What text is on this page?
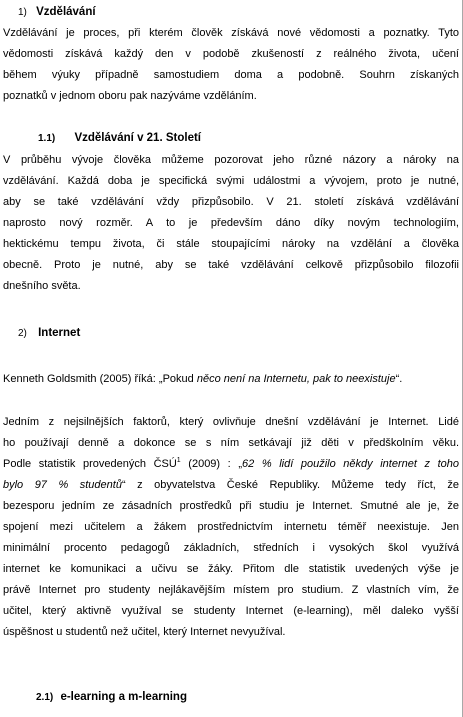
1) Vzdělávání
Vzdělávání je proces, při kterém člověk získává nové vědomosti a poznatky. Tyto
vědomosti získává každý den v podobě zkušeností z reálného života, učení
během výuky případně samostudiem doma a podobně. Souhrn získaných
poznatků v jednom oboru pak nazýváme vzděláním.
1.1) Vzdělávání v 21. Století
V průběhu vývoje člověka můžeme pozorovat jeho různé názory a nároky na
vzdělávání. Každá doba je specifická svými událostmi a vývojem, proto je nutné,
aby se také vzdělávání vždy přizpůsobilo. V 21. století získává vzdělávání
naprosto nový rozměr. A to je především dáno díky novým technologiím,
hektickému tempu života, či stále stoupajícími nároky na vzdělání a člověka
obecně. Proto je nutné, aby se také vzdělávání celkově přizpůsobilo filozofii
dnešního světa.
2) Internet
Kenneth Goldsmith (2005) říká: „Pokud něco není na Internetu, pak to neexistuje“.
Jedním z nejsilnějších faktorů, který ovlivňuje dnešní vzdělávání je Internet. Lidé
ho používají denně a dokonce se s ním setkávají již děti v předškolním věku.
Podle statistik provedených ČSÚ$^1$ (2009) : „62 % lidí použilo někdy internet z toho
bylo 97 % studentů“ z obyvatelstva České Republiky. Můžeme tedy říct, že
bezesporu jedním ze zásadních prostředků při studiu je Internet. Smutné ale je, že
spojení mezi učitelem a žákem prostřednictvím internetu téměř neexistuje. Jen
minimální procento pedagogů základních, středních i vysokých škol využívá
internet ke komunikaci a učivu se žáky. Přitom dle statistik uvedených výše je
právě Internet pro studenty nejlákavějším místem pro studium. Z vlastních vím, že
učitel, který aktivně využíval se studenty Internet (e-learning), měl daleko vyšší
úspěšnost u studentů než učitel, který Internet nevyužíval.
2.1) e-learning a m-learning
